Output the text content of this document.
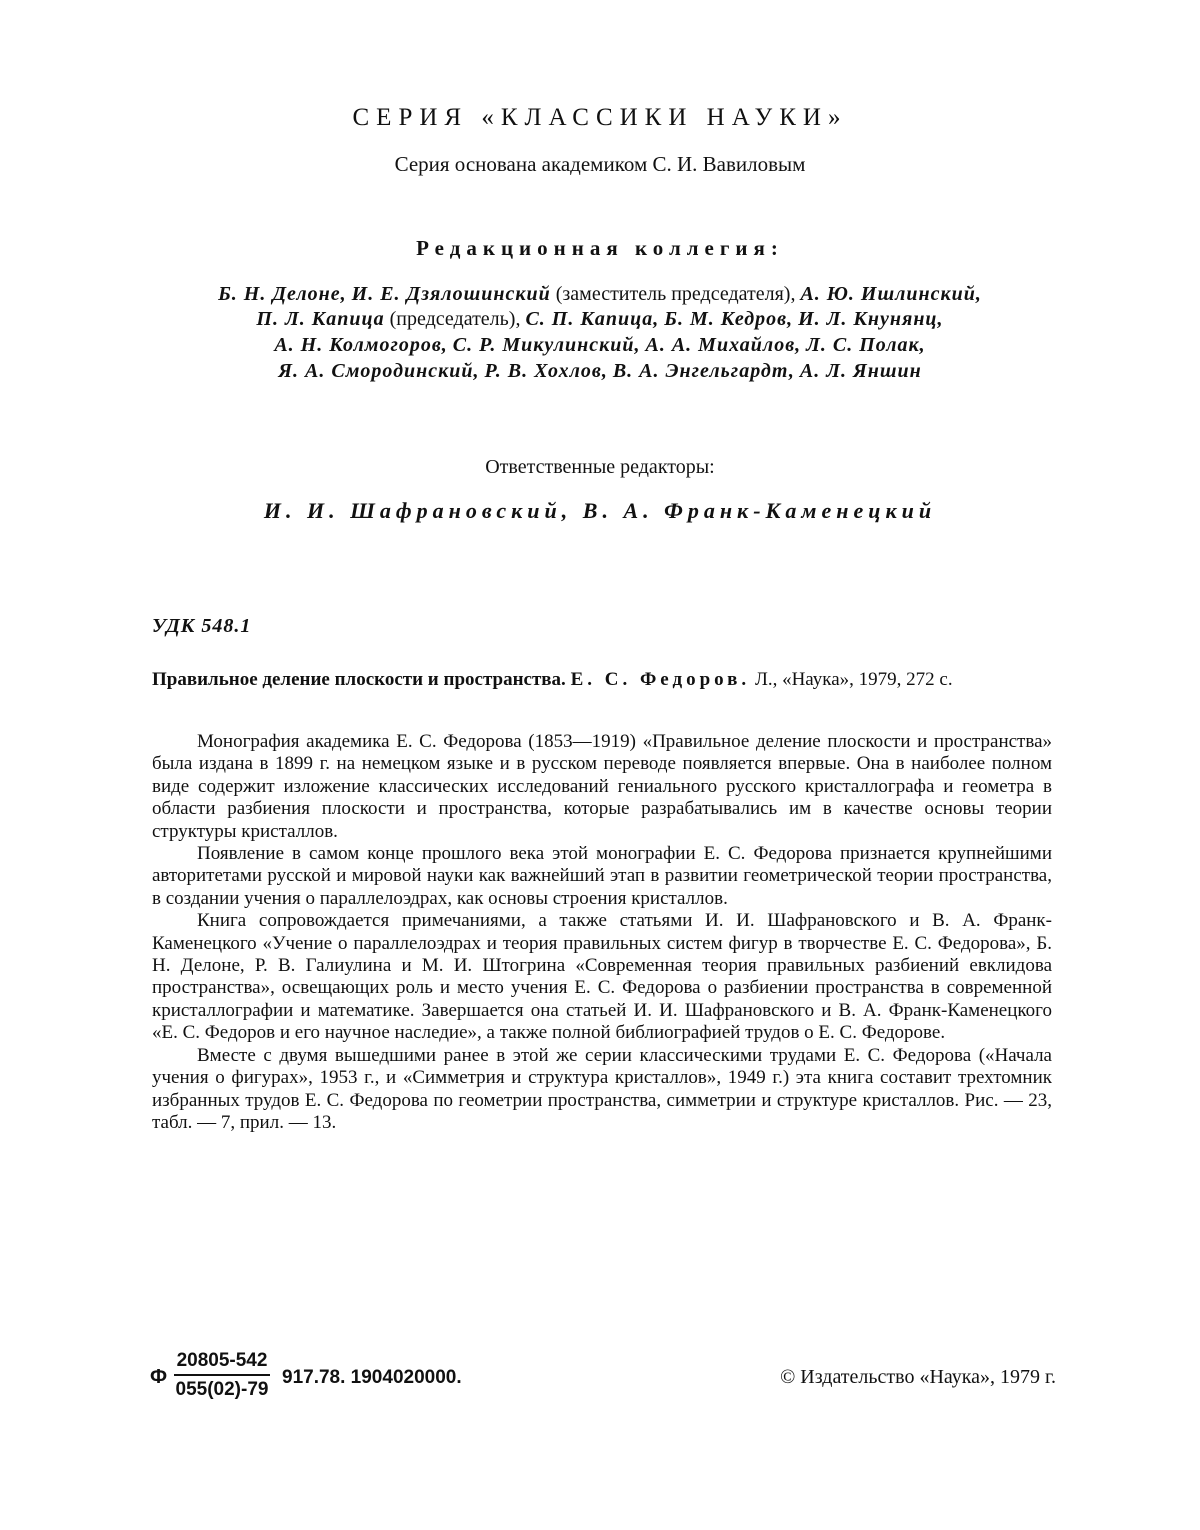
СЕРИЯ «КЛАССИКИ НАУКИ»
Серия основана академиком С. И. Вавиловым
Редакционная коллегия:
Б. Н. Делоне, И. Е. Дзялошинский (заместитель председателя), А. Ю. Ишлинский,
П. Л. Капица (председатель), С. П. Капица, Б. М. Кедров, И. Л. Кнунянц,
А. Н. Колмогоров, С. Р. Микулинский, А. А. Михайлов, Л. С. Полак,
Я. А. Смородинский, Р. В. Хохлов, В. А. Энгельгардт, А. Л. Яншин
Ответственные редакторы:
И. И. Шафрановский, В. А. Франк-Каменецкий
УДК 548.1
Правильное деление плоскости и пространства. Е. С. Федоров. Л., «Наука», 1979, 272 с.

Монография академика Е. С. Федорова (1853—1919) «Правильное деление плоскости и пространства» была издана в 1899 г. на немецком языке и в русском переводе появляется впервые. Она в наиболее полном виде содержит изложение классических исследований гениального русского кристаллографа и геометра в области разбиения плоскости и пространства, которые разрабатывались им в качестве основы теории структуры кристаллов.

Появление в самом конце прошлого века этой монографии Е. С. Федорова признается крупнейшими авторитетами русской и мировой науки как важнейший этап в развитии геометрической теории пространства, в создании учения о параллелоэдрах, как основы строения кристаллов.

Книга сопровождается примечаниями, а также статьями И. И. Шафрановского и В. А. Франк-Каменецкого «Учение о параллелоэдрах и теория правильных систем фигур в творчестве Е. С. Федорова», Б. Н. Делоне, Р. В. Галиулина и М. И. Штогрина «Современная теория правильных разбиений евклидова пространства», освещающих роль и место учения Е. С. Федорова о разбиении пространства в современной кристаллографии и математике. Завершается она статьей И. И. Шафрановского и В. А. Франк-Каменецкого «Е. С. Федоров и его научное наследие», а также полной библиографией трудов о Е. С. Федорове.

Вместе с двумя вышедшими ранее в этой же серии классическими трудами Е. С. Федорова («Начала учения о фигурах», 1953 г., и «Симметрия и структура кристаллов», 1949 г.) эта книга составит трехтомник избранных трудов Е. С. Федорова по геометрии пространства, симметрии и структуре кристаллов. Рис. — 23, табл. — 7, прил. — 13.

Ф $\frac{20805-542}{055(02)-79} 917.78$. 1904020000.	© Издательство «Наука», 1979 г.
